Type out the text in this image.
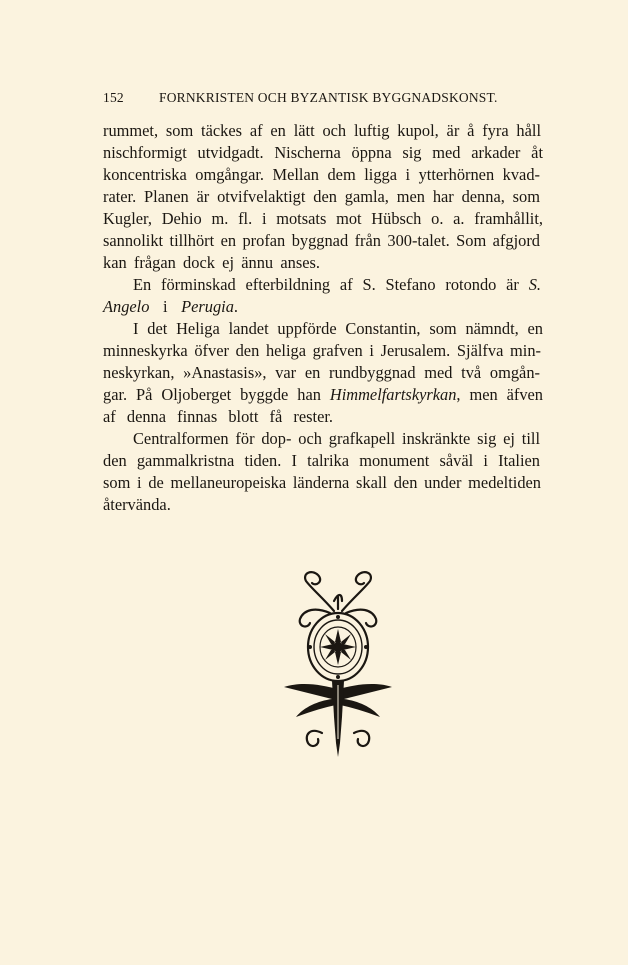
152	FORNKRISTEN OCH BYZANTISK BYGGNADSKONST.
rummet, som täckes af en lätt och luftig kupol, är å fyra håll
nischformigt utvidgadt. Nischerna öppna sig med arkader åt
koncentriska omgångar. Mellan dem ligga i ytterhörnen kvad-
rater. Planen är otvifvelaktigt den gamla, men har denna, som
Kugler, Dehio m. fl. i motsats mot Hübsch o. a. framhållit,
sannolikt tillhört en profan byggnad från 300-talet. Som afgjord
kan frågan dock ej ännu anses.
En förminskad efterbildning af S. Stefano rotondo är S.
Angelo i Perugia.
I det Heliga landet uppförde Constantin, som nämndt, en
minneskyrka öfver den heliga grafven i Jerusalem. Själfva min-
neskyrkan, »Anastasis», var en rundbyggnad med två omgån-
gar. På Oljoberget byggde han Himmelfartskyrkan, men äfven
af denna finnas blott få rester.
Centralformen för dop- och grafkapell inskränkte sig ej till
den gammalkristna tiden. I talrika monument såväl i Italien
som i de mellaneuropeiska länderna skall den under medeltiden
återvända.
